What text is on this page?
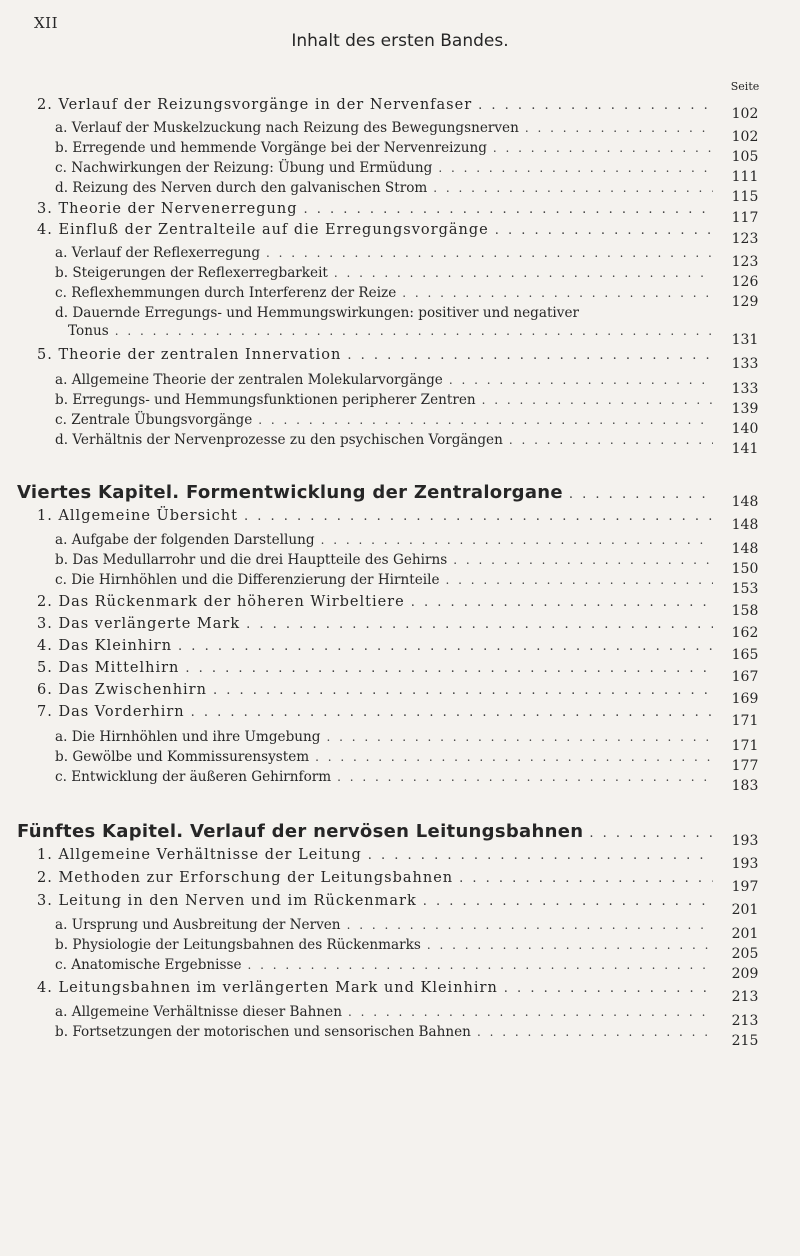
XII
Inhalt des ersten Bandes.
Seite
2. Verlauf der Reizungsvorgänge in der Nervenfaser
. . .
102
a. Verlauf der Muskelzuckung nach Reizung des Bewegungsnerven
. . .
102
b. Erregende und hemmende Vorgänge bei der Nervenreizung
. . .
105
c. Nachwirkungen der Reizung: Übung und Ermüdung
. . .
111
d. Reizung des Nerven durch den galvanischen Strom
. . .
115
3. Theorie der Nervenerregung
. . .
117
4. Einfluß der Zentralteile auf die Erregungsvorgänge
. . .
123
a. Verlauf der Reflexerregung
. . .
123
b. Steigerungen der Reflexerregbarkeit
. . .
126
c. Reflexhemmungen durch Interferenz der Reize
. . .
129
d. Dauernde Erregungs- und Hemmungswirkungen: positiver und negativer
Tonus
. . .
131
5. Theorie der zentralen Innervation
. . .
133
a. Allgemeine Theorie der zentralen Molekularvorgänge
. . .
133
b. Erregungs- und Hemmungsfunktionen peripherer Zentren
. . .
139
c. Zentrale Übungsvorgänge
. . .
140
d. Verhältnis der Nervenprozesse zu den psychischen Vorgängen
. . .
141
Viertes Kapitel. Formentwicklung der Zentralorgane . . .	148
1. Allgemeine Übersicht
. . .
148
a. Aufgabe der folgenden Darstellung
. . .
148
b. Das Medullarrohr und die drei Hauptteile des Gehirns
. . .
150
c. Die Hirnhöhlen und die Differenzierung der Hirnteile
. . .
153
2. Das Rückenmark der höheren Wirbeltiere
. . .
158
3. Das verlängerte Mark
. . .
162
4. Das Kleinhirn
. . .
165
5. Das Mittelhirn
. . .
167
6. Das Zwischenhirn
. . .
169
7. Das Vorderhirn
. . .
171
a. Die Hirnhöhlen und ihre Umgebung
. . .
171
b. Gewölbe und Kommissurensystem
. . .
177
c. Entwicklung der äußeren Gehirnform
. . .
183
Fünftes Kapitel. Verlauf der nervösen Leitungsbahnen . . .	193
1. Allgemeine Verhältnisse der Leitung
. . .
193
2. Methoden zur Erforschung der Leitungsbahnen
. . .
197
3. Leitung in den Nerven und im Rückenmark
. . .
201
a. Ursprung und Ausbreitung der Nerven
. . .
201
b. Physiologie der Leitungsbahnen des Rückenmarks
. . .
205
c. Anatomische Ergebnisse
. . .
209
4. Leitungsbahnen im verlängerten Mark und Kleinhirn
. . .
213
a. Allgemeine Verhältnisse dieser Bahnen
. . .
213
b. Fortsetzungen der motorischen und sensorischen Bahnen
. . .
215
